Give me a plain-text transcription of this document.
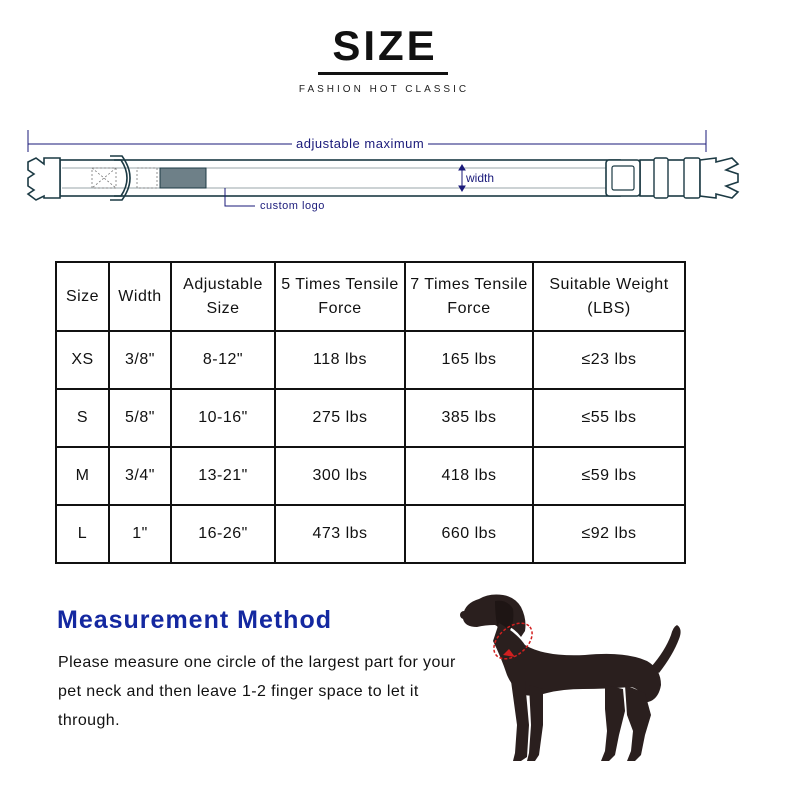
SIZE
FASHION HOT CLASSIC
adjustable maximum
width
custom logo
Size	Width	Adjustable Size	5 Times Tensile Force	7 Times Tensile Force	Suitable Weight (LBS)
XS	3/8"	8-12"	118 lbs	165 lbs	≤23 lbs
S	5/8"	10-16"	275 lbs	385 lbs	≤55 lbs
M	3/4"	13-21"	300 lbs	418 lbs	≤59 lbs
L	1"	16-26"	473 lbs	660 lbs	≤92 lbs
Measurement Method
Please measure one circle of the largest part for your pet neck and then leave 1-2 finger space to let it through.
